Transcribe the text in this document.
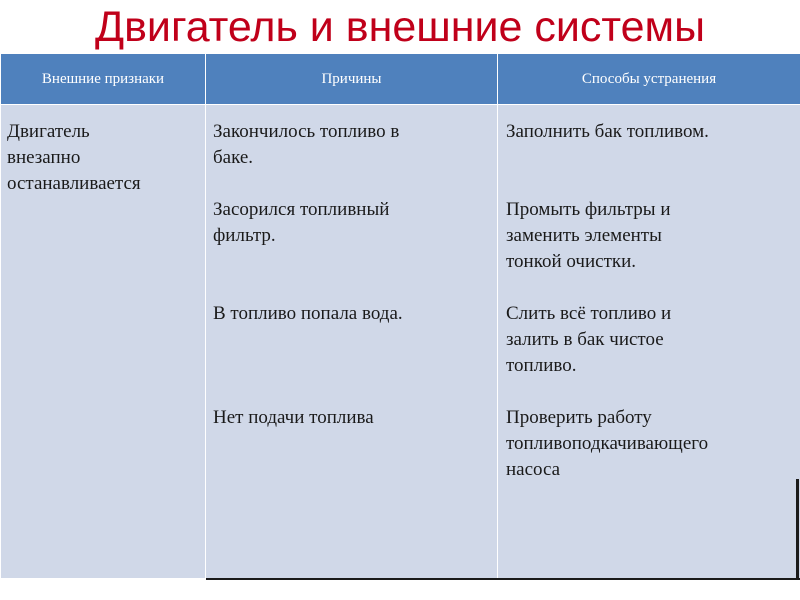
Двигатель и внешние системы
Внешние признаки	Причины	Способы устранения

Двигатель
внезапно
останавливается

Закончилось топливо в
баке.

Засорился топливный
фильтр.

В топливо попала вода.

Нет подачи топлива

Заполнить бак топливом.

Промыть фильтры и
заменить элементы
тонкой очистки.

Слить всё топливо и
залить в бак чистое
топливо.

Проверить работу
топливоподкачивающего
насоса
